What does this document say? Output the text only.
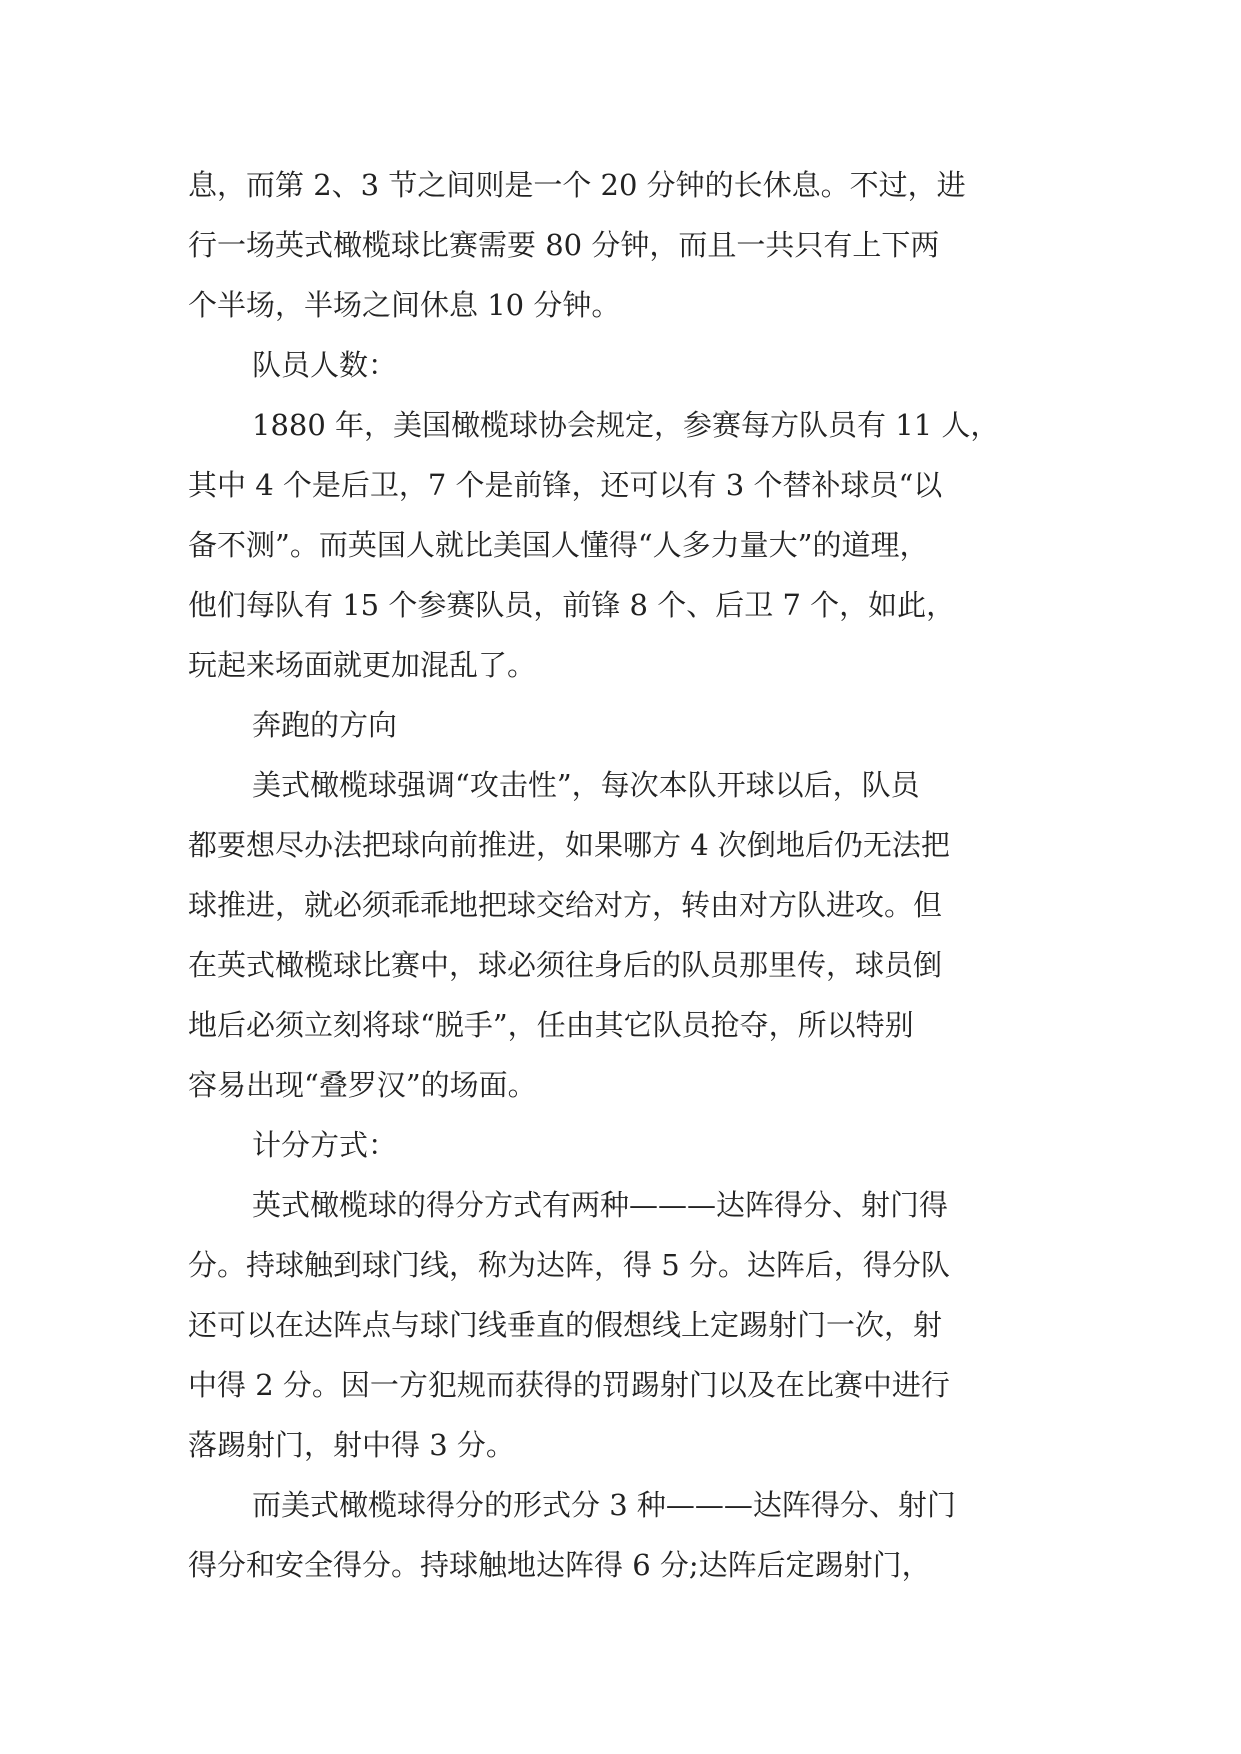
息，而第 2、3 节之间则是一个 20 分钟的长休息。不过，进

行一场英式橄榄球比赛需要 80 分钟，而且一共只有上下两

个半场，半场之间休息 10 分钟。

队员人数：

1880 年，美国橄榄球协会规定，参赛每方队员有 11 人，

其中 4 个是后卫，7 个是前锋，还可以有 3 个替补球员“以

备不测”。而英国人就比美国人懂得“人多力量大”的道理，

他们每队有 15 个参赛队员，前锋 8 个、后卫 7 个，如此，

玩起来场面就更加混乱了。

奔跑的方向

美式橄榄球强调“攻击性”，每次本队开球以后，队员

都要想尽办法把球向前推进，如果哪方 4 次倒地后仍无法把

球推进，就必须乖乖地把球交给对方，转由对方队进攻。但

在英式橄榄球比赛中，球必须往身后的队员那里传，球员倒

地后必须立刻将球“脱手”，任由其它队员抢夺，所以特别

容易出现“叠罗汉”的场面。

计分方式：

英式橄榄球的得分方式有两种———达阵得分、射门得

分。持球触到球门线，称为达阵，得 5 分。达阵后，得分队

还可以在达阵点与球门线垂直的假想线上定踢射门一次，射

中得 2 分。因一方犯规而获得的罚踢射门以及在比赛中进行

落踢射门，射中得 3 分。

而美式橄榄球得分的形式分 3 种———达阵得分、射门

得分和安全得分。持球触地达阵得 6 分;达阵后定踢射门，
